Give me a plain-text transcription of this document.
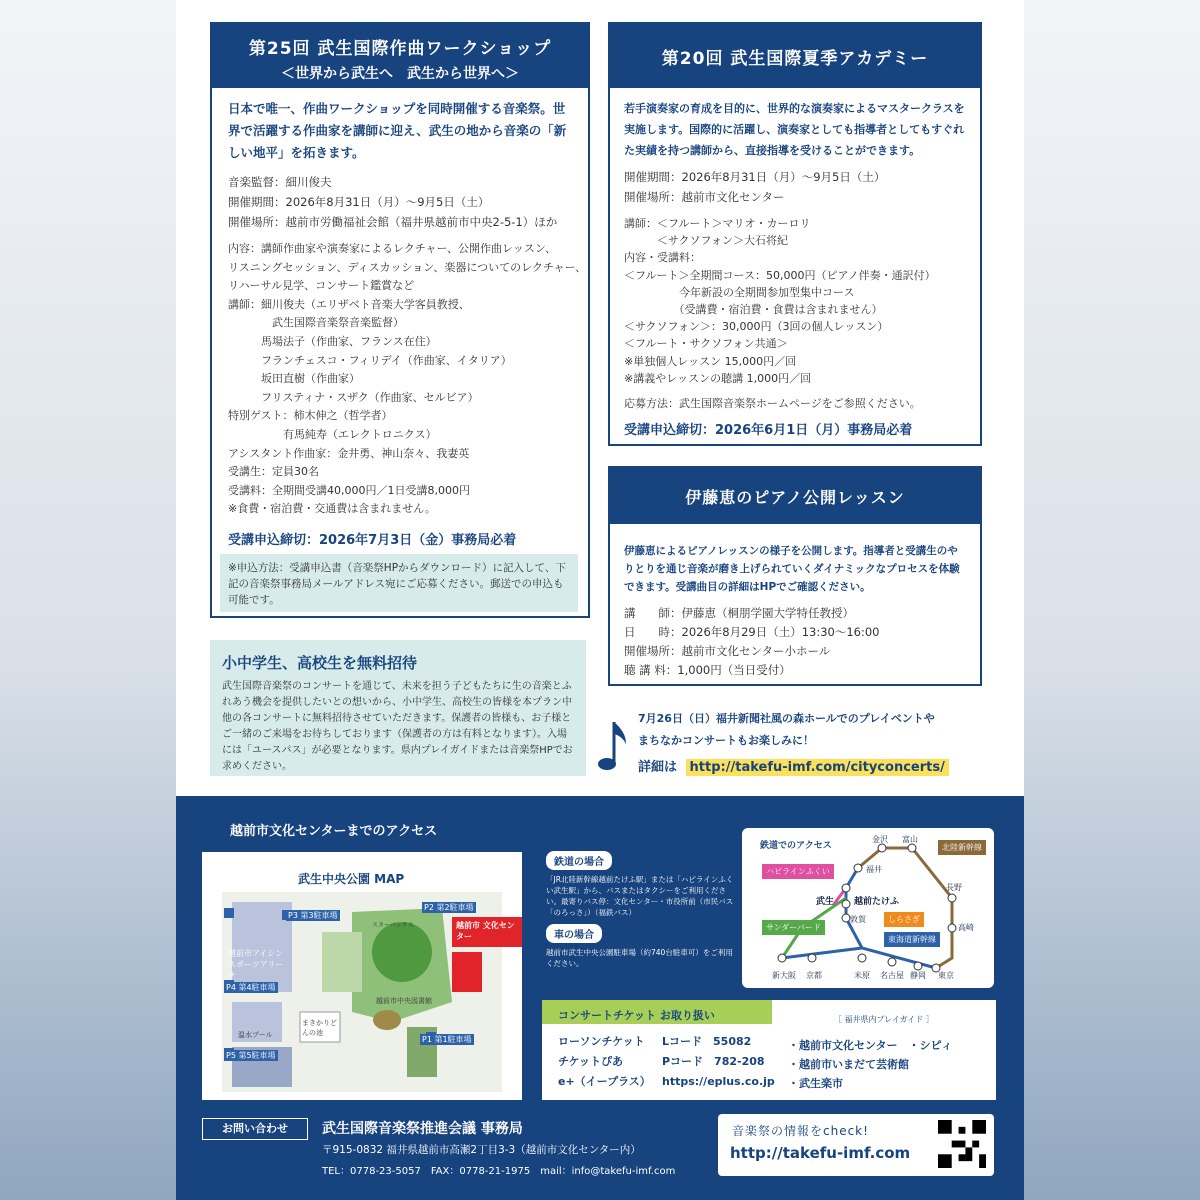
第25回 武生国際作曲ワークショップ
＜世界から武生へ　武生から世界へ＞
日本で唯一、作曲ワークショップを同時開催する音楽祭。世界で活躍する作曲家を講師に迎え、武生の地から音楽の「新しい地平」を拓きます。
音楽監督：細川俊夫
開催期間：2026年8月31日（月）～9月5日（土）
開催場所：越前市労働福祉会館（福井県越前市中央2-5-1）ほか
内容：講師作曲家や演奏家によるレクチャー、公開作曲レッスン、
リスニングセッション、ディスカッション、楽器についてのレクチャー、
リハーサル見学、コンサート鑑賞など
講師：細川俊夫（エリザベト音楽大学客員教授、
　　　　武生国際音楽祭音楽監督）
　　　馬場法子（作曲家、フランス在住）
　　　フランチェスコ・フィリデイ（作曲家、イタリア）
　　　坂田直樹（作曲家）
　　　フリスティナ・スザク（作曲家、セルビア）
特別ゲスト：柿木伸之（哲学者）
　　　　　有馬純寿（エレクトロニクス）
アシスタント作曲家：金井勇、神山奈々、我妻英
受講生：定員30名
受講料：全期間受講40,000円／1日受講8,000円
※食費・宿泊費・交通費は含まれません。
受講申込締切：2026年7月3日（金）事務局必着
※申込方法：受講申込書（音楽祭HPからダウンロード）に記入して、下記の音楽祭事務局メールアドレス宛にご応募ください。郵送での申込も可能です。
小中学生、高校生を無料招待
武生国際音楽祭のコンサートを通じて、未来を担う子どもたちに生の音楽とふれあう機会を提供したいとの想いから、小中学生、高校生の皆様を本プラン中他の各コンサートに無料招待させていただきます。保護者の皆様も、お子様とご一緒のご来場をお待ちしております（保護者の方は有料となります）。入場には「ユースパス」が必要となります。県内プレイガイドまたは音楽祭HPでお求めください。
第20回 武生国際夏季アカデミー
若手演奏家の育成を目的に、世界的な演奏家によるマスタークラスを実施します。国際的に活躍し、演奏家としても指導者としてもすぐれた実績を持つ講師から、直接指導を受けることができます。
開催期間：2026年8月31日（月）～9月5日（土）
開催場所：越前市文化センター
講師：＜フルート＞マリオ・カーロリ
　　　＜サクソフォン＞大石将紀
内容・受講料：
＜フルート＞全期間コース：50,000円（ピアノ伴奏・通訳付）
　　　　　今年新設の全期間参加型集中コース
　　　　　（受講費・宿泊費・食費は含まれません）
＜サクソフォン＞：30,000円（3回の個人レッスン）
＜フルート・サクソフォン共通＞
※単独個人レッスン 15,000円／回
※講義やレッスンの聴講 1,000円／回
応募方法：武生国際音楽祭ホームページをご参照ください。
受講申込締切：2026年6月1日（月）事務局必着
伊藤恵のピアノ公開レッスン
伊藤恵によるピアノレッスンの様子を公開します。指導者と受講生のやりとりを通じ音楽が磨き上げられていくダイナミックなプロセスを体験できます。受講曲目の詳細はHPでご確認ください。
講　　師：伊藤恵（桐朋学園大学特任教授）
日　　時：2026年8月29日（土）13:30～16:00
開催場所：越前市文化センター小ホール
聴 講 料：1,000円（当日受付）
7月26日（日）福井新聞社風の森ホールでのプレイベントや
まちなかコンサートもお楽しみに！
詳細は http://takefu-imf.com/cityconcerts/
越前市文化センターまでのアクセス
武生中央公園 MAP
P3 第3駐車場
P2 第2駐車場
越前市アイシン スポーツアリーナ
越前市 文化センター
P4 第4駐車場
まきかりどんの池
越前市中央図書館
温水プール	P1 第1駐車場
P5 第5駐車場
スターバックス
鉄道の場合
「JR北陸新幹線越前たけふ駅」または「ハピラインふくい武生駅」から、バスまたはタクシーをご利用ください。最寄りバス停：文化センター・市役所前（市民バス「のろっさ」）（福鉄バス）
車の場合
越前市武生中央公園駐車場（約740台駐車可）をご利用ください。
鉄道でのアクセス
金沢 富山
福井
長野
武生 越前たけふ
敦賀
高崎
新大阪 京都	米原 名古屋 静岡 東京
北陸新幹線
ハピラインふくい
しらさぎ
サンダーバード
東海道新幹線
コンサートチケット お取り扱い
ローソンチケット	Lコード　55082
チケットぴあ	Pコード　782-208
e+（イープラス）	https://eplus.co.jp
［ 福井県内プレイガイド ］
・越前市文化センター　・シピィ
・越前市いまだて芸術館
・武生楽市
お問い合わせ	武生国際音楽祭推進会議 事務局
〒915-0832 福井県越前市高瀬2丁目3-3（越前市文化センター内）
TEL：0778-23-5057　FAX：0778-21-1975　mail：info@takefu-imf.com
音楽祭の情報をcheck!
http://takefu-imf.com
